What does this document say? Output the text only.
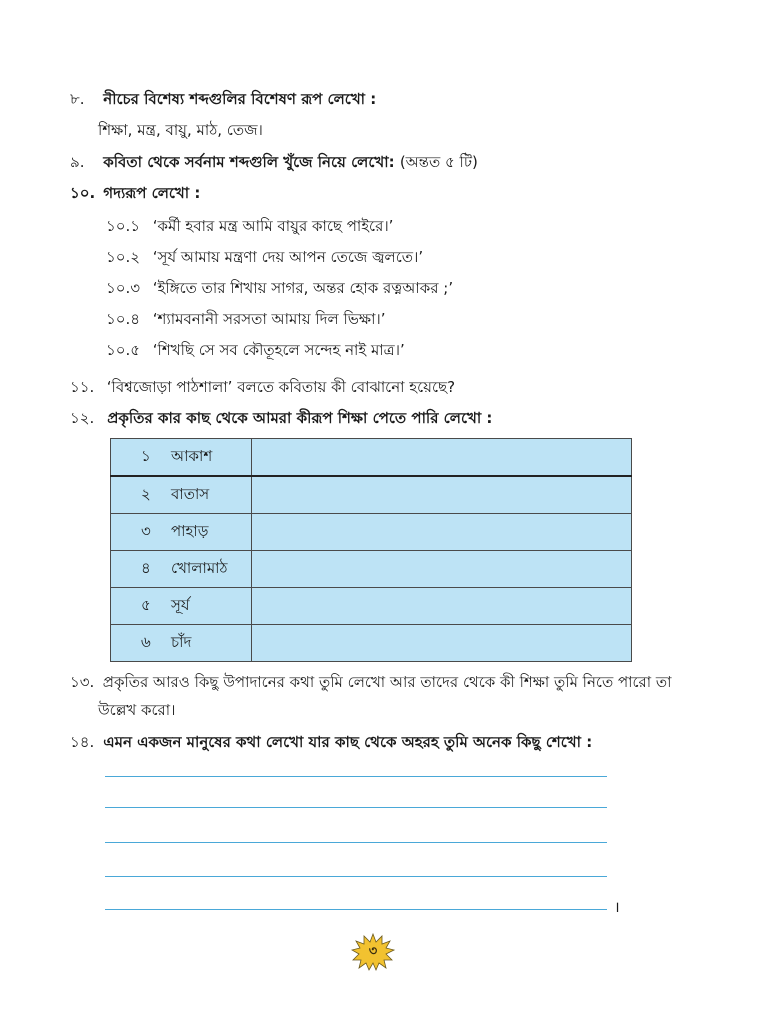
৮. নীচের বিশেষ্য শব্দগুলির বিশেষণ রূপ লেখো :
শিক্ষা, মন্ত্র, বায়ু, মাঠ, তেজ।
৯. কবিতা থেকে সর্বনাম শব্দগুলি খুঁজে নিয়ে লেখো: (অন্তত ৫ টি)
১০. গদ্যরূপ লেখো :
১০.১ ‘কর্মী হবার মন্ত্র আমি বায়ুর কাছে পাইরে।’
১০.২ ‘সূর্য আমায় মন্ত্রণা দেয় আপন তেজে জ্বলতে।’
১০.৩ ‘ইঙ্গিতে তার শিখায় সাগর, অন্তর হোক রত্নআকর ;’
১০.৪ ‘শ্যামবনানী সরসতা আমায় দিল ভিক্ষা।’
১০.৫ ‘শিখছি সে সব কৌতূহলে সন্দেহ নাই মাত্র।’
১১. ‘বিশ্বজোড়া পাঠশালা’ বলতে কবিতায় কী বোঝানো হয়েছে?
১২. প্রকৃতির কার কাছ থেকে আমরা কীরূপ শিক্ষা পেতে পারি লেখো :
১ আকাশ	
২ বাতাস	
৩ পাহাড়	
৪ খোলামাঠ	
৫ সূর্য	
৬ চাঁদ	
১৩. প্রকৃতির আরও কিছু উপাদানের কথা তুমি লেখো আর তাদের থেকে কী শিক্ষা তুমি নিতে পারো তা
উল্লেখ করো।
১৪. এমন একজন মানুষের কথা লেখো যার কাছ থেকে অহরহ তুমি অনেক কিছু শেখো :
।
৩
